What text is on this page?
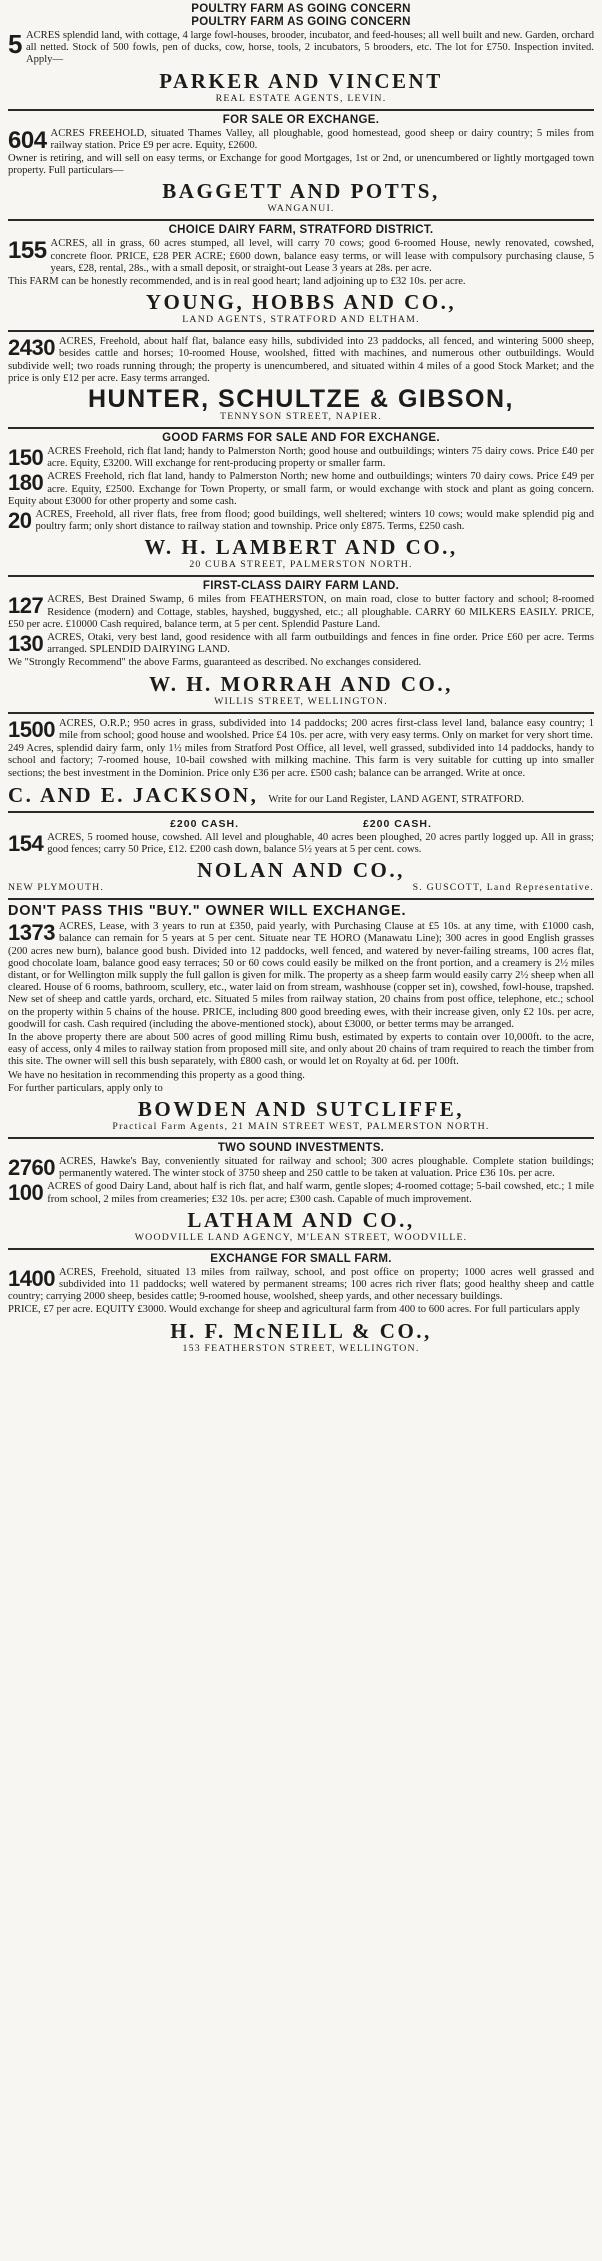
POULTRY FARM AS GOING CONCERN
POULTRY FARM AS GOING CONCERN
5 ACRES splendid land, with cottage, 4 large fowl-houses, brooder, incubator, and feed-houses; all well built and new. Garden, orchard all netted. Stock of 500 fowls, pen of ducks, cow, horse, tools, 2 incubators, 5 brooders, etc. The lot for £750. Inspection invited. Apply—
PARKER AND VINCENT
REAL ESTATE AGENTS, LEVIN.
FOR SALE OR EXCHANGE.
604 ACRES FREEHOLD, situated Thames Valley, all ploughable, good homestead, good sheep or dairy country; 5 miles from railway station. Price £9 per acre. Equity, £2600.
Owner is retiring, and will sell on easy terms, or Exchange for good Mortgages, 1st or 2nd, or unencumbered or lightly mortgaged town property. Full particulars—
BAGGETT AND POTTS,
WANGANUI.
CHOICE DAIRY FARM, STRATFORD DISTRICT.
155 ACRES, all in grass, 60 acres stumped, all level, will carry 70 cows; good 6-roomed House, newly renovated, cowshed, concrete floor. PRICE, £28 PER ACRE; £600 down, balance easy terms, or will lease with compulsory purchasing clause, 5 years, £28, rental, 28s., with a small deposit, or straight-out Lease 3 years at 28s. per acre.
This FARM can be honestly recommended, and is in real good heart; land adjoining up to £32 10s. per acre.
YOUNG, HOBBS AND CO.,
LAND AGENTS, STRATFORD AND ELTHAM.
2430 ACRES, Freehold, about half flat, balance easy hills, subdivided into 23 paddocks, all fenced, and wintering 5000 sheep, besides cattle and horses; 10-roomed House, woolshed, fitted with machines, and numerous other outbuildings. Would subdivide well; two roads running through; the property is unencumbered, and situated within 4 miles of a good Stock Market; and the price is only £12 per acre. Easy terms arranged.
HUNTER, SCHULTZE & GIBSON,
TENNYSON STREET, NAPIER.
GOOD FARMS FOR SALE AND FOR EXCHANGE.
150 ACRES Freehold, rich flat land; handy to Palmerston North; good house and outbuildings; winters 75 dairy cows. Price £40 per acre. Equity, £3200. Will exchange for rent-producing property or smaller farm.
180 ACRES Freehold, rich flat land, handy to Palmerston North; new home and outbuildings; winters 70 dairy cows. Price £49 per acre. Equity, £2500. Exchange for Town Property, or small farm, or would exchange with stock and plant as going concern. Equity about £3000 for other property and some cash.
20 ACRES, Freehold, all river flats, free from flood; good buildings, well sheltered; winters 10 cows; would make splendid pig and poultry farm; only short distance to railway station and township. Price only £875. Terms, £250 cash.
W. H. LAMBERT AND CO.,
20 CUBA STREET, PALMERSTON NORTH.
FIRST-CLASS DAIRY FARM LAND.
127 ACRES, Best Drained Swamp, 6 miles from FEATHERSTON, on main road, close to butter factory and school; 8-roomed Residence (modern) and Cottage, stables, hayshed, buggyshed, etc.; all ploughable. CARRY 60 MILKERS EASILY. PRICE, £50 per acre. £10000 Cash required, balance term, at 5 per cent. Splendid Pasture Land.
130 ACRES, Otaki, very best land, good residence with all farm outbuildings and fences in fine order. Price £60 per acre. Terms arranged. SPLENDID DAIRYING LAND.
We "Strongly Recommend" the above Farms, guaranteed as described. No exchanges considered.
W. H. MORRAH AND CO.,
WILLIS STREET, WELLINGTON.
1500 ACRES, O.R.P.; 950 acres in grass, subdivided into 14 paddocks; 200 acres first-class level land, balance easy country; 1 mile from school; good house and woolshed. Price £4 10s. per acre, with very easy terms. Only on market for very short time.
249 Acres, splendid dairy farm, only 1½ miles from Stratford Post Office, all level, well grassed, subdivided into 14 paddocks, handy to school and factory; 7-roomed house, 10-bail cowshed with milking machine. This farm is very suitable for cutting up into smaller sections; the best investment in the Dominion. Price only £36 per acre. £500 cash; balance can be arranged. Write at once.
C. AND E. JACKSON, Write for our Land Register, LAND AGENT, STRATFORD.
£200 CASH.	£200 CASH.
154 ACRES, 5 roomed house, cowshed. All level and ploughable, 40 acres been ploughed, 20 acres partly logged up. All in grass; good fences; carry 50 Price, £12. £200 cash down, balance 5½ years at 5 per cent. cows.
NOLAN AND CO.,
NEW PLYMOUTH.	S. GUSCOTT, Land Representative.
DON'T PASS THIS "BUY." OWNER WILL EXCHANGE.
1373 ACRES, Lease, with 3 years to run at £350, paid yearly, with Purchasing Clause at £5 10s. at any time, with £1000 cash, balance can remain for 5 years at 5 per cent. Situate near TE HORO (Manawatu Line); 300 acres in good English grasses (200 acres new burn), balance good bush. Divided into 12 paddocks, well fenced, and watered by never-failing streams, 100 acres flat, good chocolate loam, balance good easy terraces; 50 or 60 cows could easily be milked on the front portion, and a creamery is 2½ miles distant, or for Wellington milk supply the full gallon is given for milk. The property as a sheep farm would easily carry 2½ sheep when all cleared. House of 6 rooms, bathroom, scullery, etc., water laid on from stream, washhouse (copper set in), cowshed, fowl-house, trapshed. New set of sheep and cattle yards, orchard, etc. Situated 5 miles from railway station, 20 chains from post office, telephone, etc.; school on the property within 5 chains of the house. PRICE, including 800 good breeding ewes, with their increase given, only £2 10s. per acre, goodwill for cash. Cash required (including the above-mentioned stock), about £3000, or better terms may be arranged.
In the above property there are about 500 acres of good milling Rimu bush, estimated by experts to contain over 10,000ft. to the acre, easy of access, only 4 miles to railway station from proposed mill site, and only about 20 chains of tram required to reach the timber from this site. The owner will sell this bush separately, with £800 cash, or would let on Royalty at 6d. per 100ft.
We have no hesitation in recommending this property as a good thing.
For further particulars, apply only to
BOWDEN AND SUTCLIFFE,
Practical Farm Agents, 21 MAIN STREET WEST, PALMERSTON NORTH.
TWO SOUND INVESTMENTS.
2760 ACRES, Hawke's Bay, conveniently situated for railway and school; 300 acres ploughable. Complete station buildings; permanently watered. The winter stock of 3750 sheep and 250 cattle to be taken at valuation. Price £36 10s. per acre.
100 ACRES of good Dairy Land, about half is rich flat, and half warm, gentle slopes; 4-roomed cottage; 5-bail cowshed, etc.; 1 mile from school, 2 miles from creameries; £32 10s. per acre; £300 cash. Capable of much improvement.
LATHAM AND CO.,
WOODVILLE LAND AGENCY, M'LEAN STREET, WOODVILLE.
EXCHANGE FOR SMALL FARM.
1400 ACRES, Freehold, situated 13 miles from railway, school, and post office on property; 1000 acres well grassed and subdivided into 11 paddocks; well watered by permanent streams; 100 acres rich river flats; good healthy sheep and cattle country; carrying 2000 sheep, besides cattle; 9-roomed house, woolshed, sheep yards, and other necessary buildings.
PRICE, £7 per acre. EQUITY £3000. Would exchange for sheep and agricultural farm from 400 to 600 acres. For full particulars apply
H. F. McNEILL & CO.,
153 FEATHERSTON STREET, WELLINGTON.
